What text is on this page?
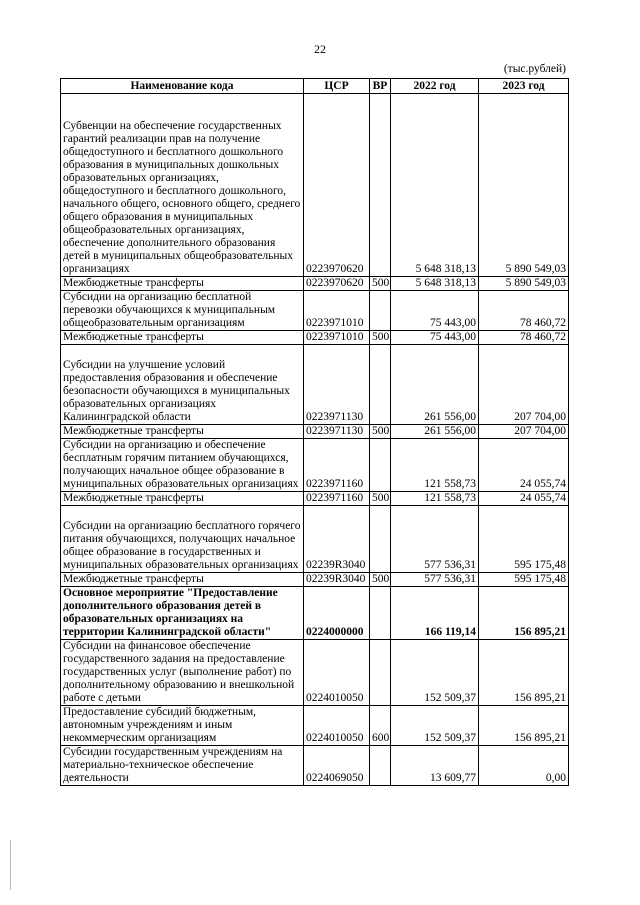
22
(тыс.рублей)
Наименование кода	ЦСР	ВР	2022 год	2023 год
Субвенции на обеспечение государственных гарантий реализации прав на получение общедоступного и бесплатного дошкольного образования в муниципальных дошкольных образовательных организациях, общедоступного и бесплатного дошкольного, начального общего, основного общего, среднего общего образования в муниципальных общеобразовательных организациях, обеспечение дополнительного образования детей в муниципальных общеобразовательных организациях	0223970620		5 648 318,13	5 890 549,03
Межбюджетные трансферты	0223970620	500	5 648 318,13	5 890 549,03
Субсидии на организацию бесплатной перевозки обучающихся к муниципальным общеобразовательным организациям	0223971010		75 443,00	78 460,72
Межбюджетные трансферты	0223971010	500	75 443,00	78 460,72
Субсидии на улучшение условий предоставления образования и обеспечение безопасности обучающихся в муниципальных образовательных организациях Калининградской области	0223971130		261 556,00	207 704,00
Межбюджетные трансферты	0223971130	500	261 556,00	207 704,00
Субсидии на организацию и обеспечение бесплатным горячим питанием обучающихся, получающих начальное общее образование в муниципальных образовательных организациях	0223971160		121 558,73	24 055,74
Межбюджетные трансферты	0223971160	500	121 558,73	24 055,74
Субсидии на организацию бесплатного горячего питания обучающихся, получающих начальное общее образование в государственных и муниципальных образовательных организациях	02239R3040		577 536,31	595 175,48
Межбюджетные трансферты	02239R3040	500	577 536,31	595 175,48
Основное мероприятие "Предоставление дополнительного образования детей в образовательных организациях на территории Калининградской области"	0224000000		166 119,14	156 895,21
Субсидии на финансовое обеспечение государственного задания на предоставление государственных услуг (выполнение работ) по дополнительному образованию и внешкольной работе с детьми	0224010050		152 509,37	156 895,21
Предоставление субсидий бюджетным, автономным учреждениям и иным некоммерческим организациям	0224010050	600	152 509,37	156 895,21
Субсидии государственным учреждениям на материально-техническое обеспечение деятельности	0224069050		13 609,77	0,00
